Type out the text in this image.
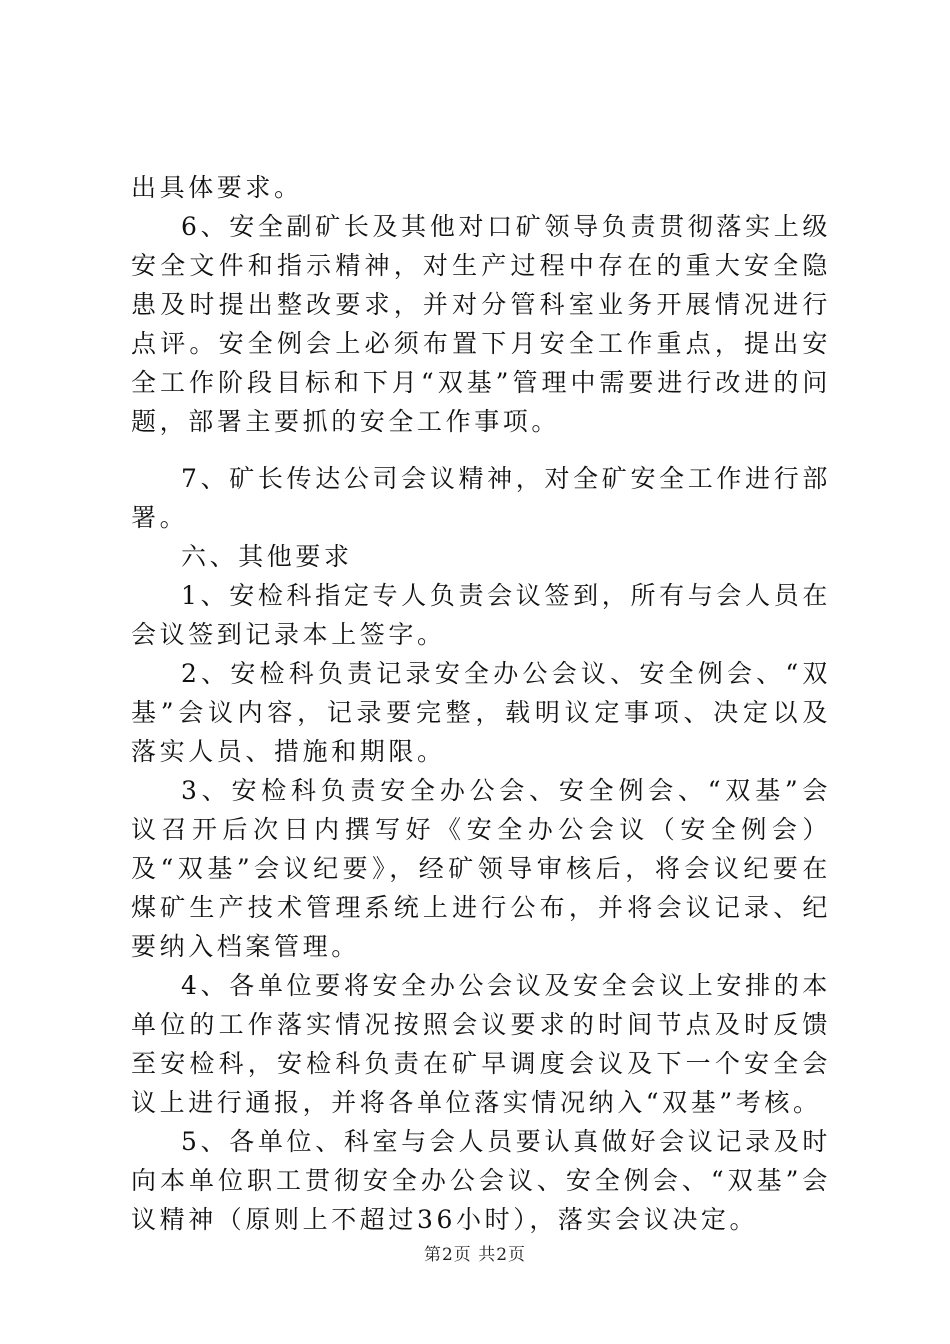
出具体要求。

6、安全副矿长及其他对口矿领导负责贯彻落实上级安全文件和指示精神，对生产过程中存在的重大安全隐患及时提出整改要求，并对分管科室业务开展情况进行点评。安全例会上必须布置下月安全工作重点，提出安全工作阶段目标和下月“双基”管理中需要进行改进的问题，部署主要抓的安全工作事项。

7、矿长传达公司会议精神，对全矿安全工作进行部署。

六、其他要求

1、安检科指定专人负责会议签到，所有与会人员在会议签到记录本上签字。

2、安检科负责记录安全办公会议、安全例会、“双基”会议内容，记录要完整，载明议定事项、决定以及落实人员、措施和期限。

3、安检科负责安全办公会、安全例会、“双基”会议召开后次日内撰写好《安全办公会议（安全例会）及“双基”会议纪要》，经矿领导审核后，将会议纪要在煤矿生产技术管理系统上进行公布，并将会议记录、纪要纳入档案管理。

4、各单位要将安全办公会议及安全会议上安排的本单位的工作落实情况按照会议要求的时间节点及时反馈至安检科，安检科负责在矿早调度会议及下一个安全会议上进行通报，并将各单位落实情况纳入“双基”考核。

5、各单位、科室与会人员要认真做好会议记录及时向本单位职工贯彻安全办公会议、安全例会、“双基”会议精神（原则上不超过36小时），落实会议决定。

第2页 共2页
